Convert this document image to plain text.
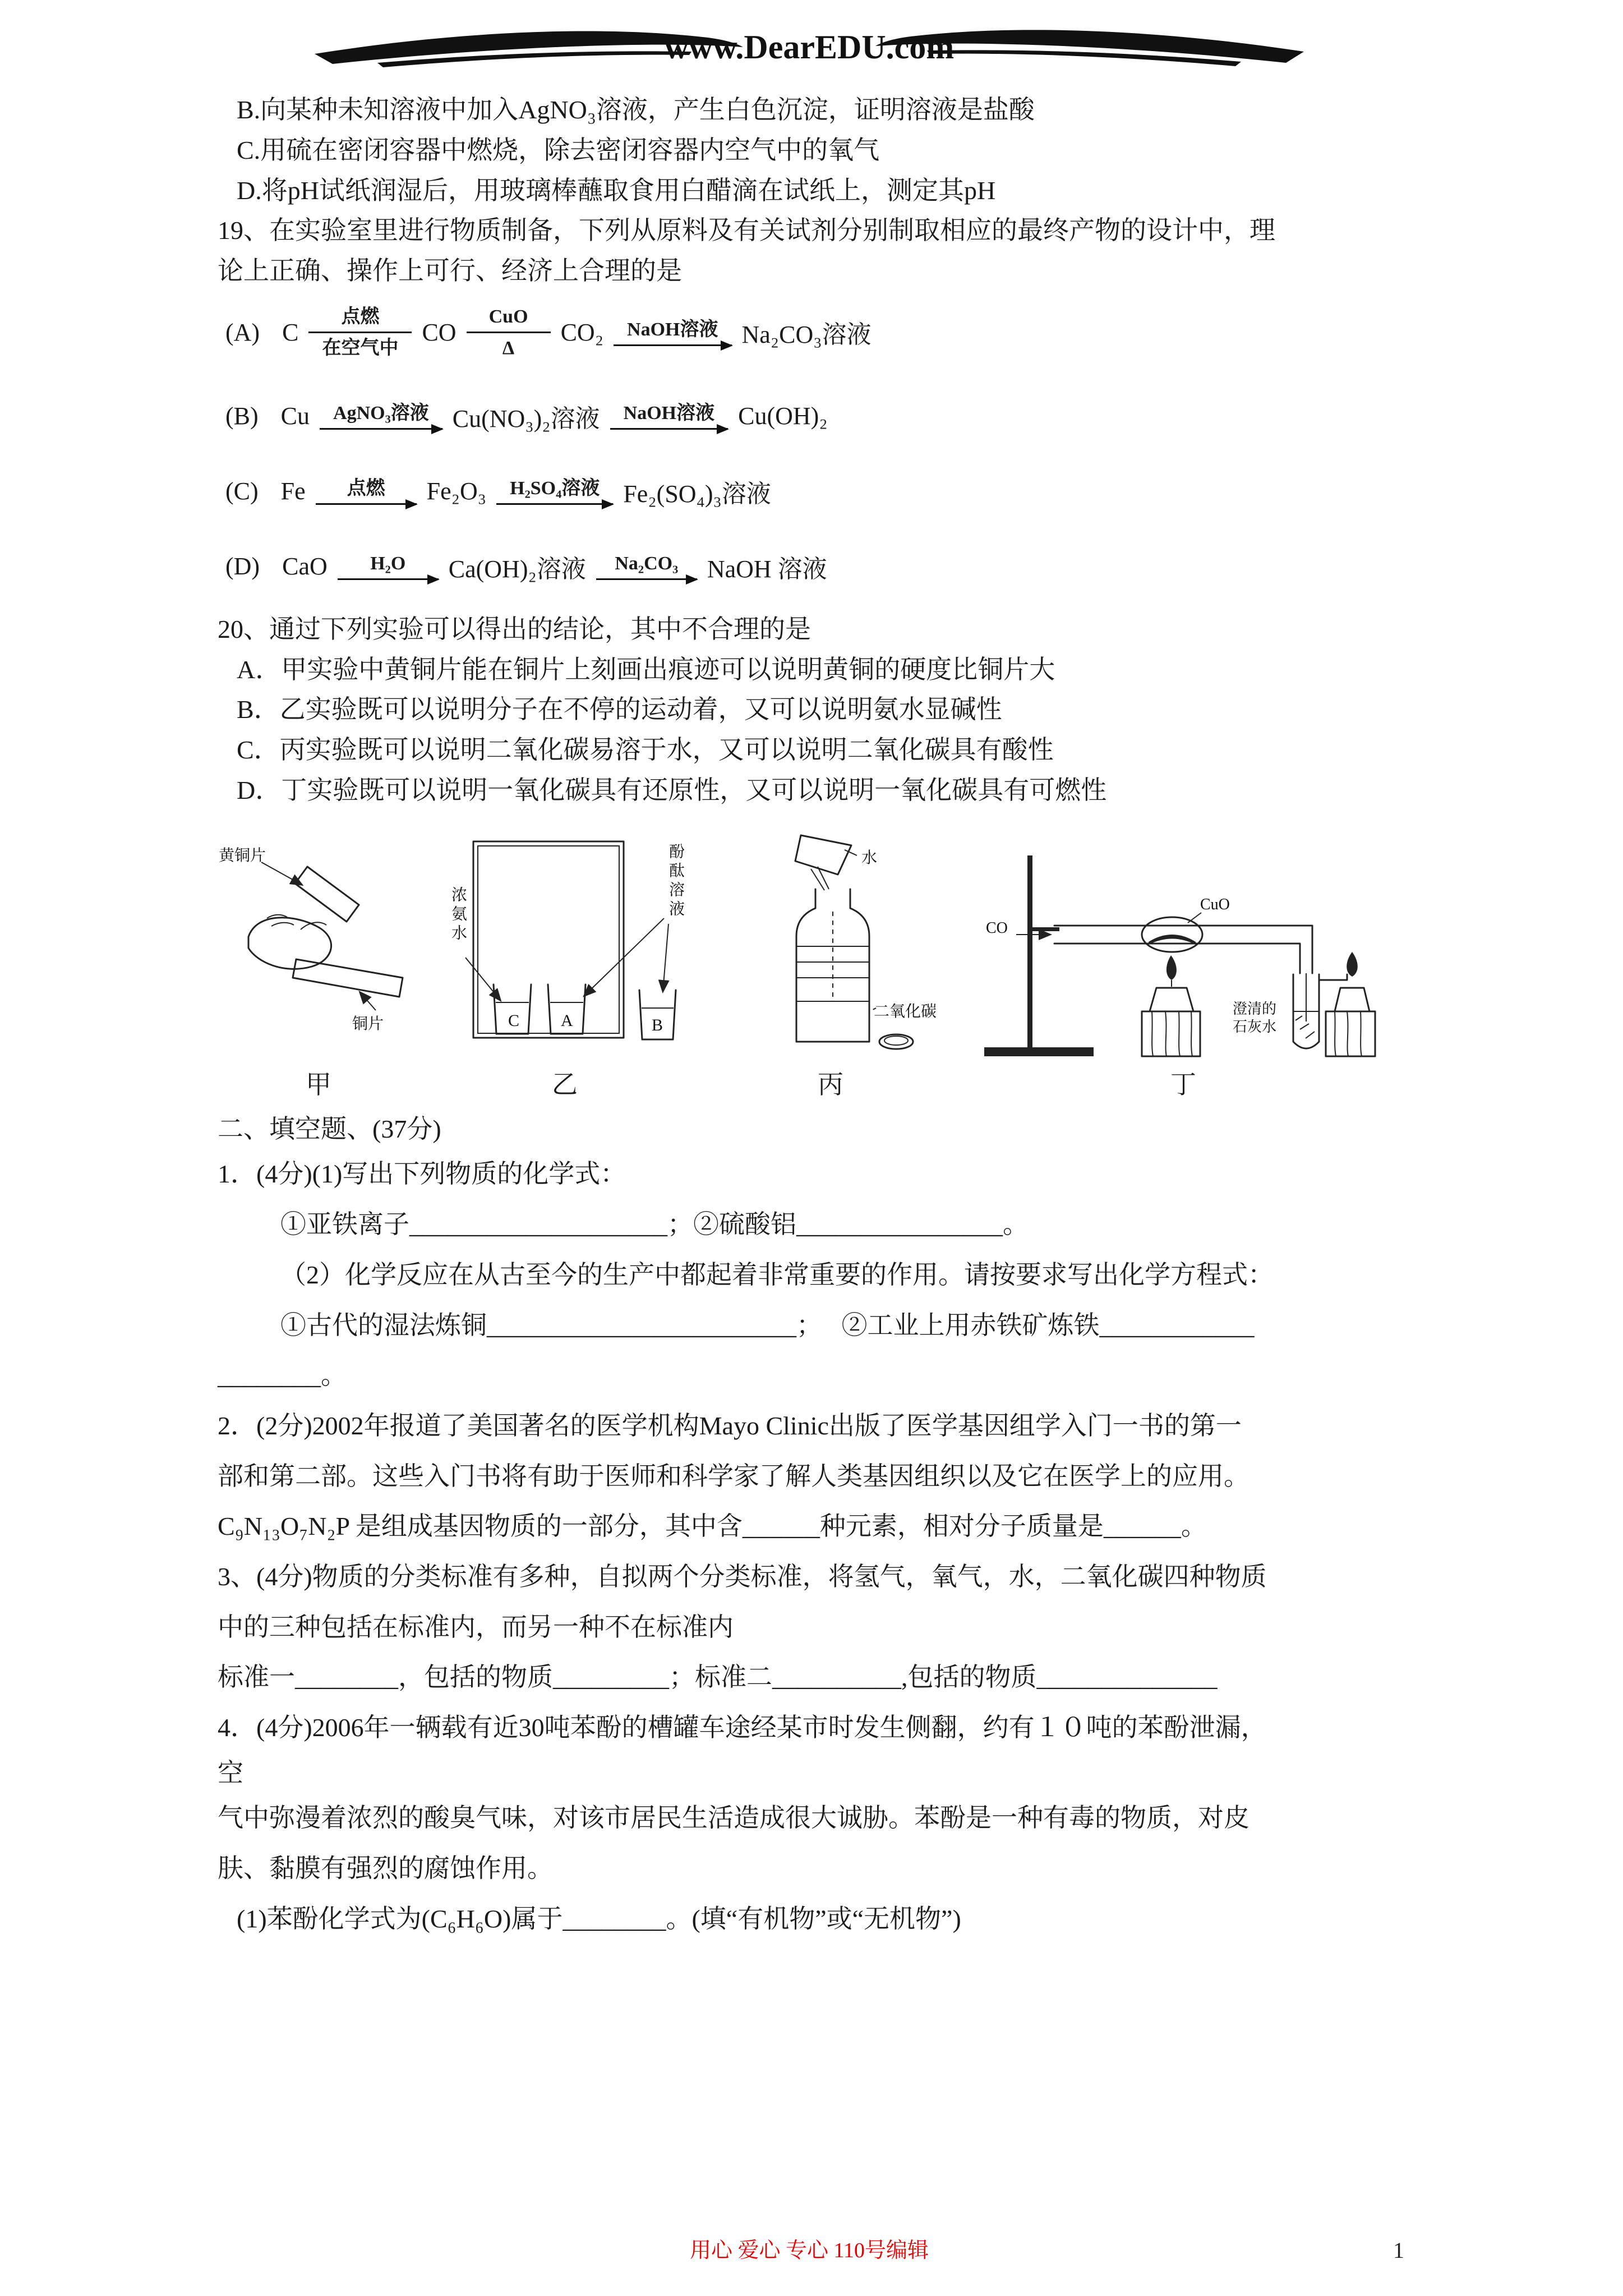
www.DearEDU.com

B.向某种未知溶液中加入AgNO₃溶液，产生白色沉淀，证明溶液是盐酸

C.用硫在密闭容器中燃烧，除去密闭容器内空气中的氧气

D.将pH试纸润湿后，用玻璃棒蘸取食用白醋滴在试纸上，测定其pH

19、在实验室里进行物质制备，下列从原料及有关试剂分别制取相应的最终产物的设计中，理

论上正确、操作上可行、经济上合理的是

(A) C $\frac{\text{点燃}}{\text{在空气中}}$ CO $\frac{\text{CuO}}{\Delta} CO_2$	NaOH溶液 Na₂CO₃溶液
(B) Cu	AgNO₃溶液 Cu(NO₃)₂溶液	NaOH溶液 Cu(OH)₂
(C) Fe	点燃	Fe₂O₃	H₂SO₄溶液 Fe₂(SO₄)₃溶液
(D) CaO	H₂O	Ca(OH)₂溶液	Na₂CO₃	NaOH 溶液

20、通过下列实验可以得出的结论，其中不合理的是

A．甲实验中黄铜片能在铜片上刻画出痕迹可以说明黄铜的硬度比铜片大

B．乙实验既可以说明分子在不停的运动着，又可以说明氨水显碱性

C．丙实验既可以说明二氧化碳易溶于水，又可以说明二氧化碳具有酸性

D．丁实验既可以说明一氧化碳具有还原性，又可以说明一氧化碳具有可燃性

黄铜片
铜片
甲
C A	B
浓氨水	酚酞溶液
乙
水
二氧化碳
丙
CO
CuO
澄清的石灰水
丁

二、填空题、(37分)

1．(4分)(1)写出下列物质的化学式：

①亚铁离子____________________；②硫酸铝________________。

（2）化学反应在从古至今的生产中都起着非常重要的作用。请按要求写出化学方程式：

①古代的湿法炼铜________________________；   ②工业上用赤铁矿炼铁____________

________。

2．(2分)2002年报道了美国著名的医学机构Mayo Clinic出版了医学基因组学入门一书的第一

部和第二部。这些入门书将有助于医师和科学家了解人类基因组织以及它在医学上的应用。

C₉N₁₃O₇N₂P 是组成基因物质的一部分，其中含______种元素，相对分子质量是______。

3、(4分)物质的分类标准有多种，自拟两个分类标准，将氢气，氧气，水，二氧化碳四种物质

中的三种包括在标准内，而另一种不在标准内

标准一________，包括的物质_________；标准二__________,包括的物质______________

4．(4分)2006年一辆载有近30吨苯酚的槽罐车途经某市时发生侧翻，约有１０吨的苯酚泄漏，

空

气中弥漫着浓烈的酸臭气味，对该市居民生活造成很大诚胁。苯酚是一种有毒的物质，对皮

肤、黏膜有强烈的腐蚀作用。

(1)苯酚化学式为(C₆H₆O)属于________。(填“有机物”或“无机物”)

用心 爱心 专心 110号编辑	1
